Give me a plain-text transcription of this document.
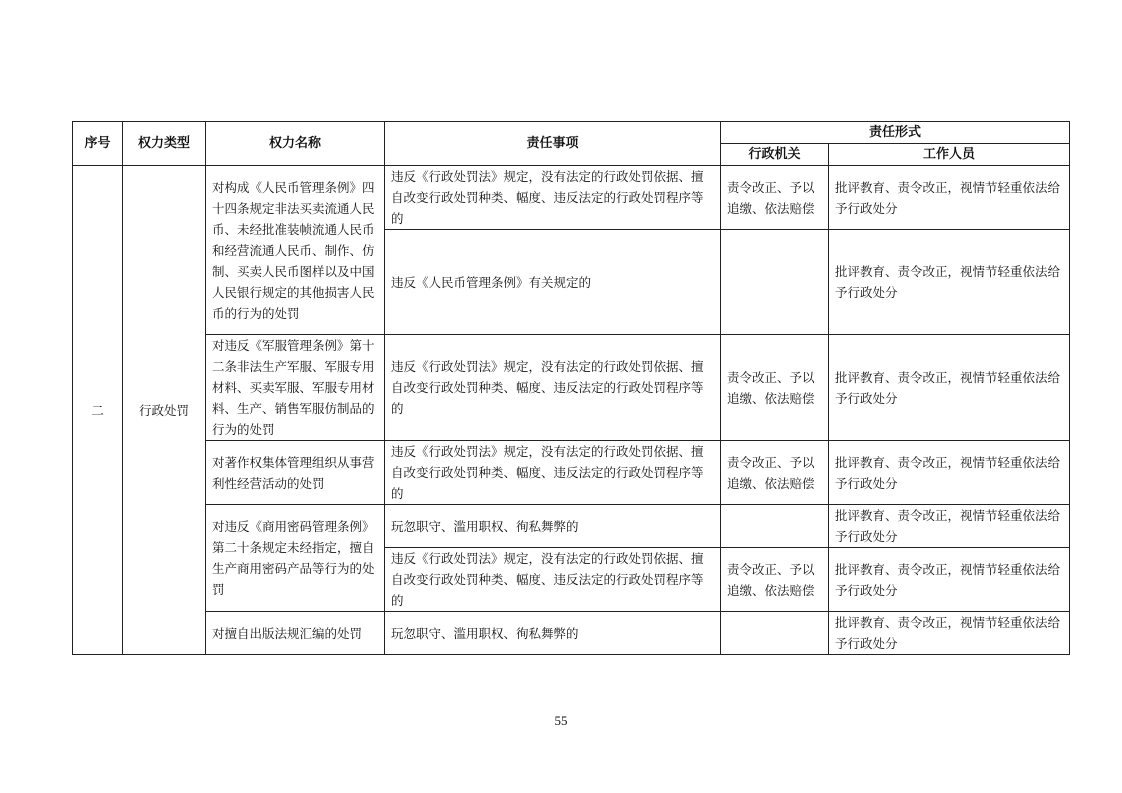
序号	权力类型	权力名称	责任事项	责任形式	
				行政机关	工作人员
二	行政处罚	对构成《人民币管理条例》四十四条规定非法买卖流通人民币、未经批准装帧流通人民币和经营流通人民币、制作、仿制、买卖人民币图样以及中国人民银行规定的其他损害人民币的行为的处罚	违反《行政处罚法》规定，没有法定的行政处罚依据、擅自改变行政处罚种类、幅度、违反法定的行政处罚程序等的	责令改正、予以追缴、依法赔偿	批评教育、责令改正，视情节轻重依法给予行政处分
			违反《人民币管理条例》有关规定的		批评教育、责令改正，视情节轻重依法给予行政处分
		对违反《军服管理条例》第十二条非法生产军服、军服专用材料、买卖军服、军服专用材料、生产、销售军服仿制品的行为的处罚	违反《行政处罚法》规定，没有法定的行政处罚依据、擅自改变行政处罚种类、幅度、违反法定的行政处罚程序等的	责令改正、予以追缴、依法赔偿	批评教育、责令改正，视情节轻重依法给予行政处分
		对著作权集体管理组织从事营利性经营活动的处罚	违反《行政处罚法》规定，没有法定的行政处罚依据、擅自改变行政处罚种类、幅度、违反法定的行政处罚程序等的	责令改正、予以追缴、依法赔偿	批评教育、责令改正，视情节轻重依法给予行政处分
		对违反《商用密码管理条例》第二十条规定未经指定，擅自生产商用密码产品等行为的处罚	玩忽职守、滥用职权、徇私舞弊的		批评教育、责令改正，视情节轻重依法给予行政处分
			违反《行政处罚法》规定，没有法定的行政处罚依据、擅自改变行政处罚种类、幅度、违反法定的行政处罚程序等的	责令改正、予以追缴、依法赔偿	批评教育、责令改正，视情节轻重依法给予行政处分
		对擅自出版法规汇编的处罚	玩忽职守、滥用职权、徇私舞弊的		批评教育、责令改正，视情节轻重依法给予行政处分
55
